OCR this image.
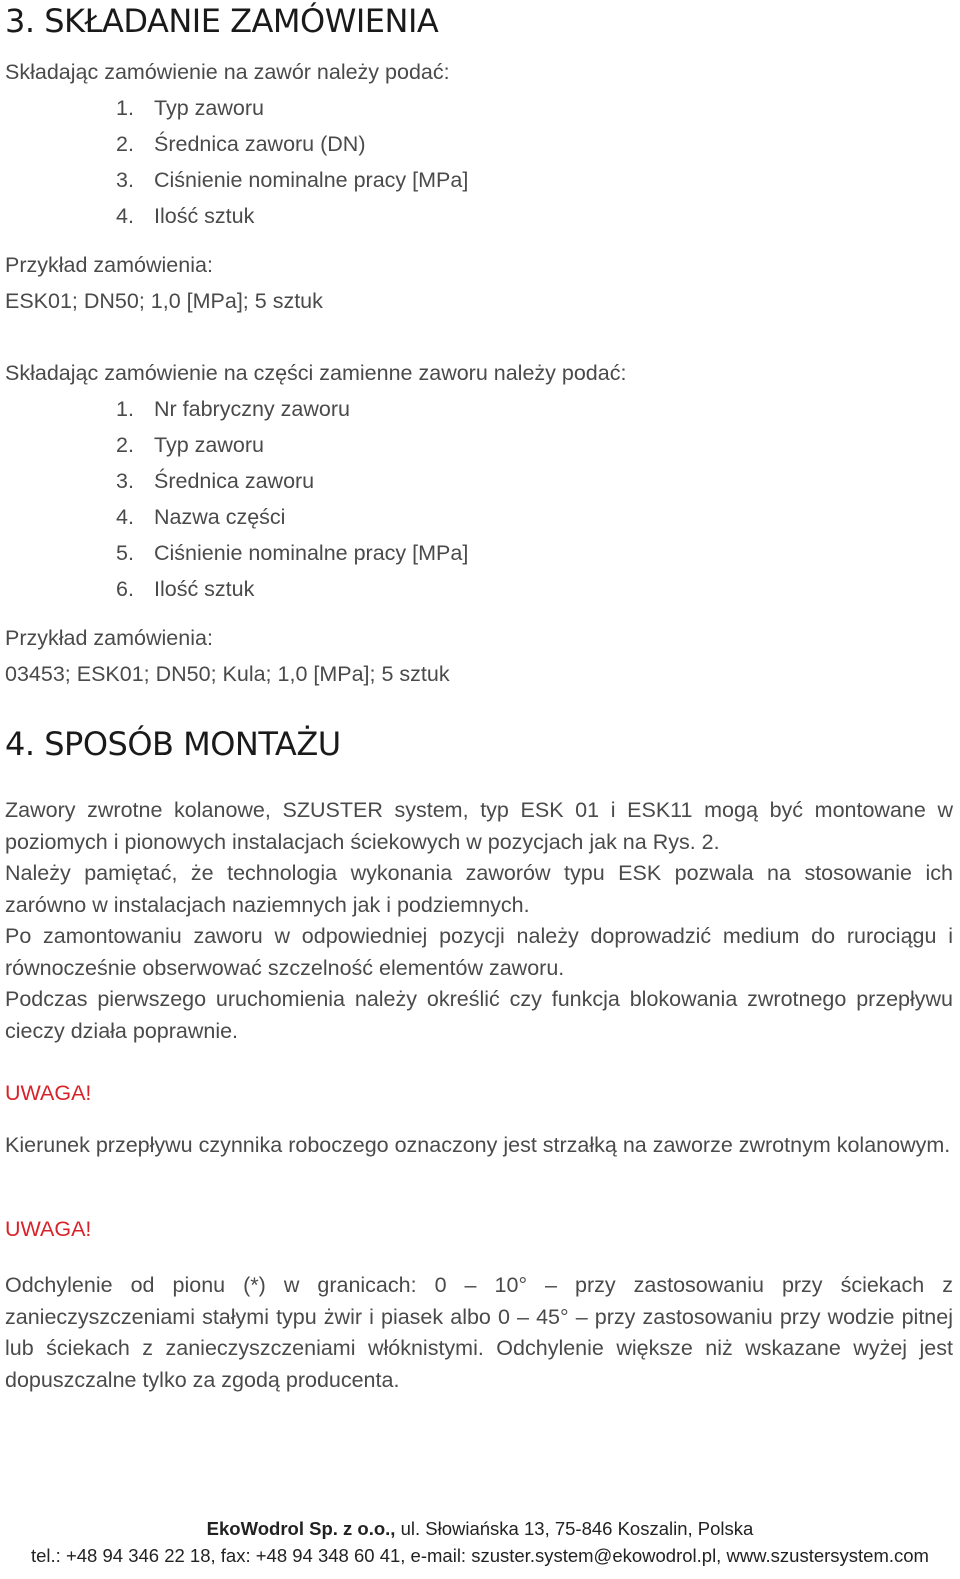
3. SKŁADANIE ZAMÓWIENIA
Składając zamówienie na zawór należy podać:
1. Typ zaworu
2. Średnica zaworu (DN)
3. Ciśnienie nominalne pracy [MPa]
4. Ilość sztuk
Przykład zamówienia:
ESK01; DN50; 1,0 [MPa]; 5 sztuk
Składając zamówienie na części zamienne zaworu należy podać:
1. Nr fabryczny zaworu
2. Typ zaworu
3. Średnica zaworu
4. Nazwa części
5. Ciśnienie nominalne pracy [MPa]
6. Ilość sztuk
Przykład zamówienia:
03453; ESK01; DN50; Kula; 1,0 [MPa]; 5 sztuk
4. SPOSÓB MONTAŻU

Zawory zwrotne kolanowe, SZUSTER system, typ ESK 01 i ESK11 mogą być montowane w poziomych i pionowych instalacjach ściekowych w pozycjach jak na Rys. 2.

Należy pamiętać, że technologia wykonania zaworów typu ESK pozwala na stosowanie ich zarówno w instalacjach naziemnych jak i podziemnych.

Po zamontowaniu zaworu w odpowiedniej pozycji należy doprowadzić medium do rurociągu i równocześnie obserwować szczelność elementów zaworu.

Podczas pierwszego uruchomienia należy określić czy funkcja blokowania zwrotnego przepływu cieczy działa poprawnie.

UWAGA!

Kierunek przepływu czynnika roboczego oznaczony jest strzałką na zaworze zwrotnym kolanowym.

UWAGA!

Odchylenie od pionu (*) w granicach: 0 – 10° – przy zastosowaniu przy ściekach z zanieczyszczeniami stałymi typu żwir i piasek albo 0 – 45° – przy zastosowaniu przy wodzie pitnej lub ściekach z zanieczyszczeniami włóknistymi. Odchylenie większe niż wskazane wyżej jest dopuszczalne tylko za zgodą producenta.

EkoWodrol Sp. z o.o., ul. Słowiańska 13, 75-846 Koszalin, Polska
tel.: +48 94 346 22 18, fax: +48 94 348 60 41, e-mail: szuster.system@ekowodrol.pl, www.szustersystem.com
